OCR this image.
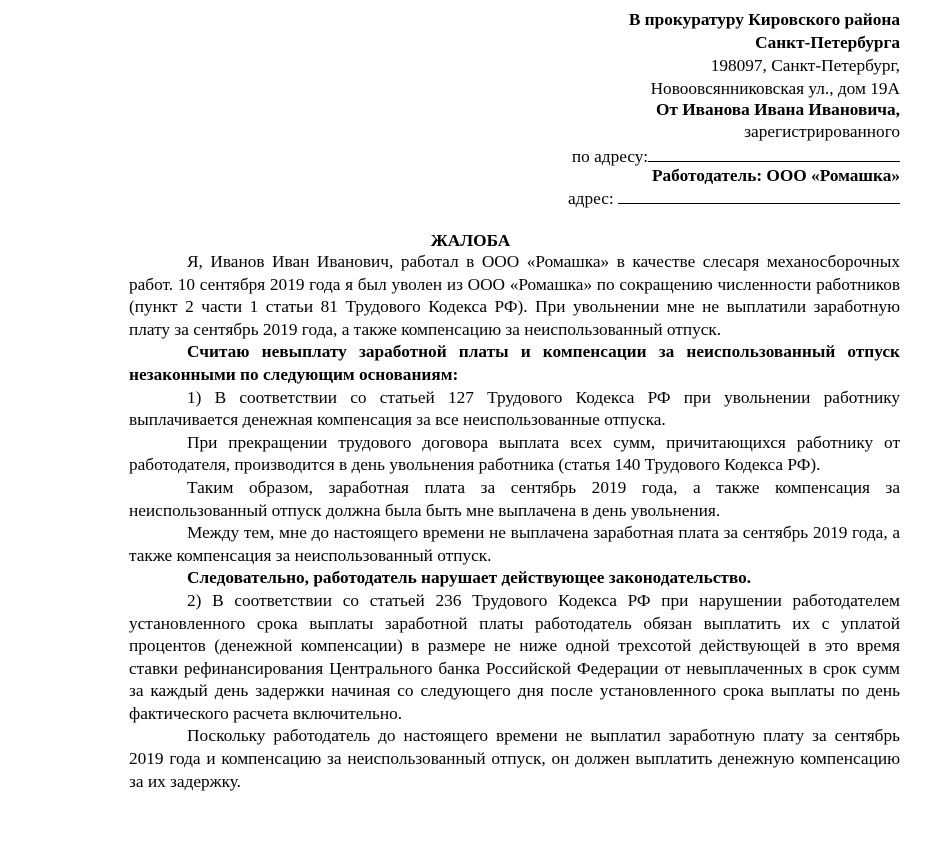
В прокуратуру Кировского района
Санкт-Петербурга
198097, Санкт-Петербург,
Новоовсянниковская ул., дом 19А
От Иванова Ивана Ивановича,
зарегистрированного
по адресу:
Работодатель: ООО «Ромашка»
адрес:
ЖАЛОБА

Я, Иванов Иван Иванович, работал в ООО «Ромашка» в качестве слесаря механосборочных работ. 10 сентября 2019 года я был уволен из ООО «Ромашка» по сокращению численности работников (пункт 2 части 1 статьи 81 Трудового Кодекса РФ). При увольнении мне не выплатили заработную плату за сентябрь 2019 года, а также компенсацию за неиспользованный отпуск.

Считаю невыплату заработной платы и компенсации за неиспользованный отпуск незаконными по следующим основаниям:

1) В соответствии со статьей 127 Трудового Кодекса РФ при увольнении работнику выплачивается денежная компенсация за все неиспользованные отпуска.

При прекращении трудового договора выплата всех сумм, причитающихся работнику от работодателя, производится в день увольнения работника (статья 140 Трудового Кодекса РФ).

Таким образом, заработная плата за сентябрь 2019 года, а также компенсация за неиспользованный отпуск должна была быть мне выплачена в день увольнения.

Между тем, мне до настоящего времени не выплачена заработная плата за сентябрь 2019 года, а также компенсация за неиспользованный отпуск.

Следовательно, работодатель нарушает действующее законодательство.

2) В соответствии со статьей 236 Трудового Кодекса РФ при нарушении работодателем установленного срока выплаты заработной платы работодатель обязан выплатить их с уплатой процентов (денежной компенсации) в размере не ниже одной трехсотой действующей в это время ставки рефинансирования Центрального банка Российской Федерации от невыплаченных в срок сумм за каждый день задержки начиная со следующего дня после установленного срока выплаты по день фактического расчета включительно.

Поскольку работодатель до настоящего времени не выплатил заработную плату за сентябрь 2019 года и компенсацию за неиспользованный отпуск, он должен выплатить денежную компенсацию за их задержку.
